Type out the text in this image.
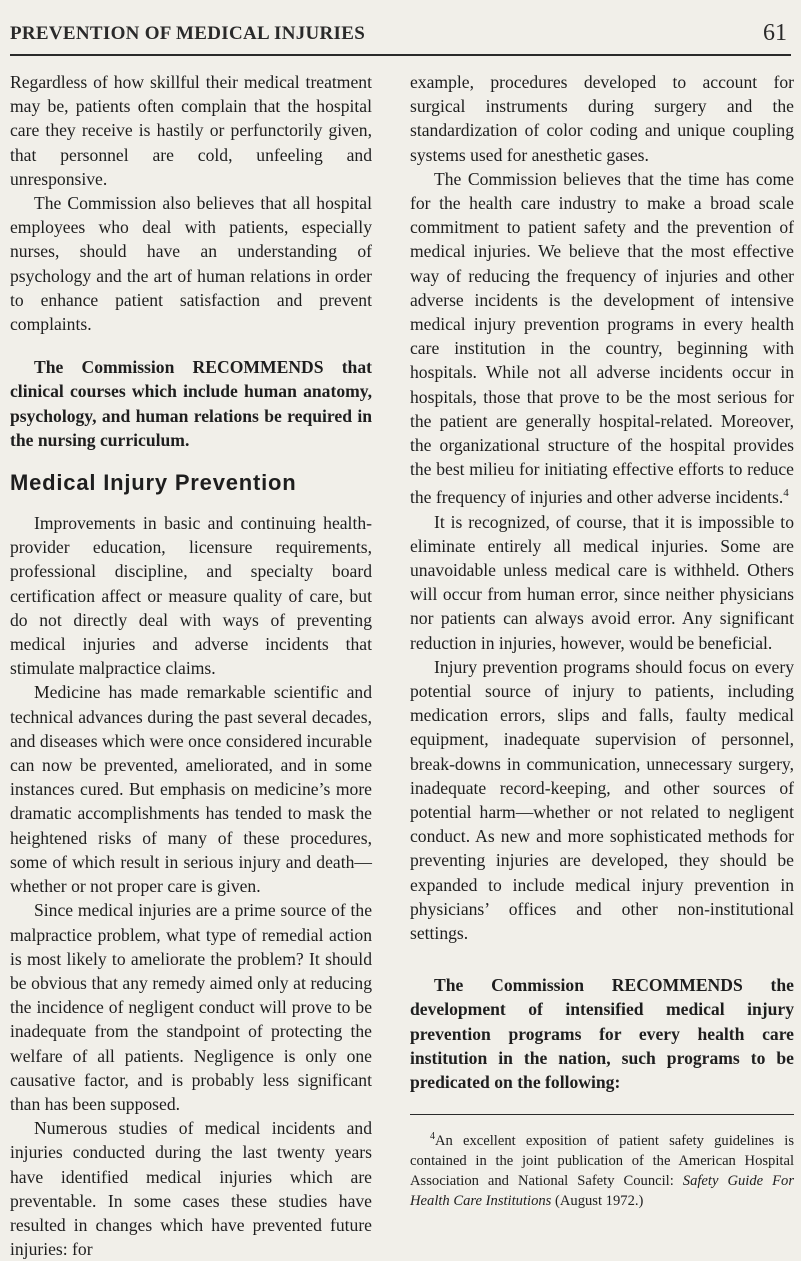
PREVENTION OF MEDICAL INJURIES	61

Regardless of how skillful their medical treatment may be, patients often complain that the hospital care they receive is hastily or perfunctorily given, that personnel are cold, unfeeling and unresponsive.

The Commission also believes that all hospital employees who deal with patients, especially nurses, should have an understanding of psychology and the art of human relations in order to enhance patient satisfaction and prevent complaints.

The Commission RECOMMENDS that clinical courses which include human anatomy, psychology, and human relations be required in the nursing curriculum.

Medical Injury Prevention

Improvements in basic and continuing health-provider education, licensure requirements, professional discipline, and specialty board certification affect or measure quality of care, but do not directly deal with ways of preventing medical injuries and adverse incidents that stimulate malpractice claims.

Medicine has made remarkable scientific and technical advances during the past several decades, and diseases which were once considered incurable can now be prevented, ameliorated, and in some instances cured. But emphasis on medicine’s more dramatic accomplishments has tended to mask the heightened risks of many of these procedures, some of which result in serious injury and death—whether or not proper care is given.

Since medical injuries are a prime source of the malpractice problem, what type of remedial action is most likely to ameliorate the problem? It should be obvious that any remedy aimed only at reducing the incidence of negligent conduct will prove to be inadequate from the standpoint of protecting the welfare of all patients. Negligence is only one causative factor, and is probably less significant than has been supposed.

Numerous studies of medical incidents and injuries conducted during the last twenty years have identified medical injuries which are preventable. In some cases these studies have resulted in changes which have prevented future injuries: for

example, procedures developed to account for surgical instruments during surgery and the standardization of color coding and unique coupling systems used for anesthetic gases.

The Commission believes that the time has come for the health care industry to make a broad scale commitment to patient safety and the prevention of medical injuries. We believe that the most effective way of reducing the frequency of injuries and other adverse incidents is the development of intensive medical injury prevention programs in every health care institution in the country, beginning with hospitals. While not all adverse incidents occur in hospitals, those that prove to be the most serious for the patient are generally hospital-related. Moreover, the organizational structure of the hospital provides the best milieu for initiating effective efforts to reduce the frequency of injuries and other adverse incidents.$^4$

It is recognized, of course, that it is impossible to eliminate entirely all medical injuries. Some are unavoidable unless medical care is withheld. Others will occur from human error, since neither physicians nor patients can always avoid error. Any significant reduction in injuries, however, would be beneficial.

Injury prevention programs should focus on every potential source of injury to patients, including medication errors, slips and falls, faulty medical equipment, inadequate supervision of personnel, break-downs in communication, unnecessary surgery, inadequate record-keeping, and other sources of potential harm—whether or not related to negligent conduct. As new and more sophisticated methods for preventing injuries are developed, they should be expanded to include medical injury prevention in physicians’ offices and other non-institutional settings.

The Commission RECOMMENDS the development of intensified medical injury prevention programs for every health care institution in the nation, such programs to be predicated on the following:

$^4$An excellent exposition of patient safety guidelines is contained in the joint publication of the American Hospital Association and National Safety Council: Safety Guide For Health Care Institutions (August 1972.)
